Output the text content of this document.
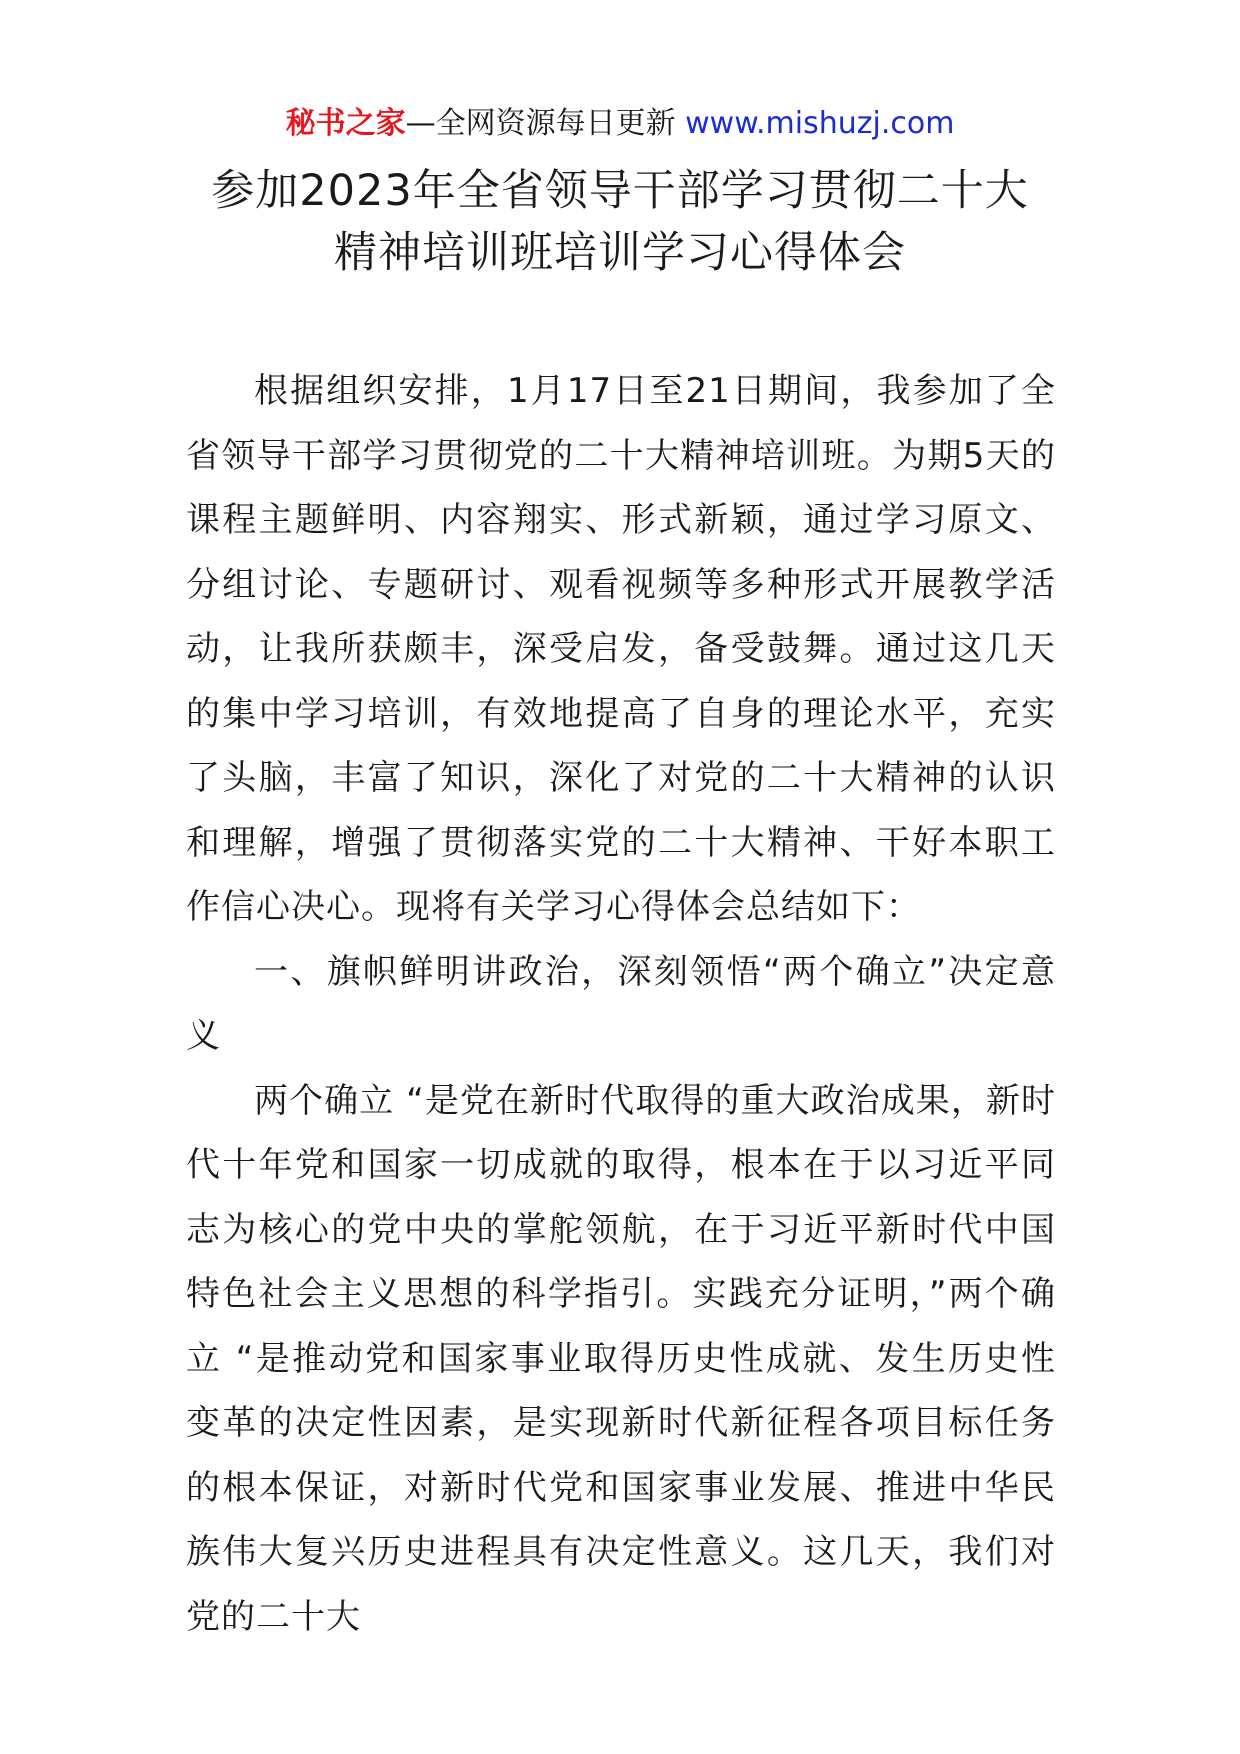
秘书之家—全网资源每日更新 www.mishuzj.com
参加2023年全省领导干部学习贯彻二十大
精神培训班培训学习心得体会

根据组织安排，1月17日至21日期间，我参加了全省领导干部学习贯彻党的二十大精神培训班。为期5天的课程主题鲜明、内容翔实、形式新颖，通过学习原文、分组讨论、专题研讨、观看视频等多种形式开展教学活动，让我所获颇丰，深受启发，备受鼓舞。通过这几天的集中学习培训，有效地提高了自身的理论水平，充实了头脑，丰富了知识，深化了对党的二十大精神的认识和理解，增强了贯彻落实党的二十大精神、干好本职工作信心决心。现将有关学习心得体会总结如下：

一、旗帜鲜明讲政治，深刻领悟“两个确立”决定意义

两个确立 “是党在新时代取得的重大政治成果，新时代十年党和国家一切成就的取得，根本在于以习近平同志为核心的党中央的掌舵领航，在于习近平新时代中国特色社会主义思想的科学指引。实践充分证明，”两个确立 “是推动党和国家事业取得历史性成就、发生历史性变革的决定性因素，是实现新时代新征程各项目标任务的根本保证，对新时代党和国家事业发展、推进中华民族伟大复兴历史进程具有决定性意义。这几天，我们对党的二十大
